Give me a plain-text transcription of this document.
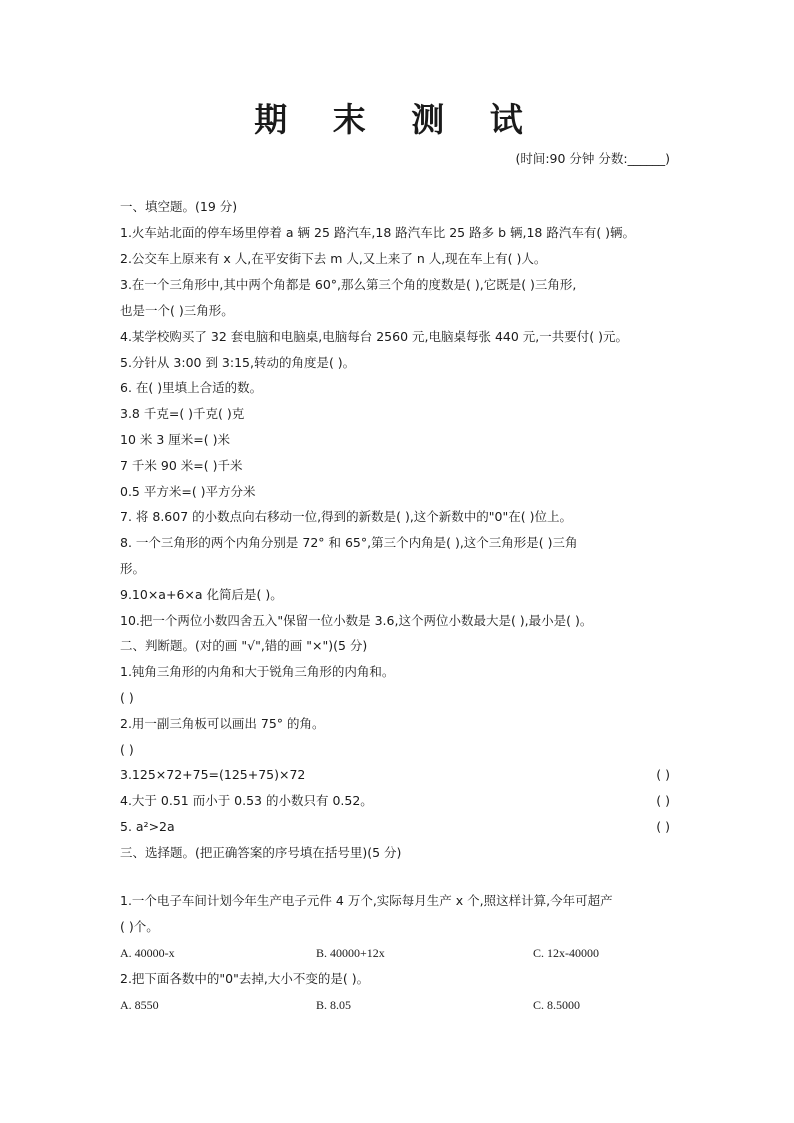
期 末 测 试
(时间:90 分钟 分数:______)
一、填空题。(19 分)
1.火车站北面的停车场里停着 a 辆 25 路汽车,18 路汽车比 25 路多 b 辆,18 路汽车有( )辆。
2.公交车上原来有 x 人,在平安街下去 m 人,又上来了 n 人,现在车上有( )人。
3.在一个三角形中,其中两个角都是 60°,那么第三个角的度数是( ),它既是( )三角形,
也是一个( )三角形。
4.某学校购买了 32 套电脑和电脑桌,电脑每台 2560 元,电脑桌每张 440 元,一共要付( )元。
5.分针从 3:00 到 3:15,转动的角度是( )。
6. 在( )里填上合适的数。
3.8 千克=( )千克( )克
10 米 3 厘米=( )米
7 千米 90 米=( )千米
0.5 平方米=( )平方分米
7. 将 8.607 的小数点向右移动一位,得到的新数是( ),这个新数中的"0"在( )位上。
8. 一个三角形的两个内角分别是 72° 和 65°,第三个内角是( ),这个三角形是( )三角
形。
9.10×a+6×a 化简后是( )。
10.把一个两位小数四舍五入"保留一位小数是 3.6,这个两位小数最大是( ),最小是( )。
二、判断题。(对的画 "√",错的画 "×")(5 分)
1.钝角三角形的内角和大于锐角三角形的内角和。
( )
2.用一副三角板可以画出 75° 的角。
( )
3.125×72+75=(125+75)×72	( )
4.大于 0.51 而小于 0.53 的小数只有 0.52。	( )
5. a²>2a	( )
三、选择题。(把正确答案的序号填在括号里)(5 分)
1.一个电子车间计划今年生产电子元件 4 万个,实际每月生产 x 个,照这样计算,今年可超产
( )个。
A. 40000-x	B. 40000+12x	C. 12x-40000
2.把下面各数中的"0"去掉,大小不变的是( )。
A. 8550	B. 8.05	C. 8.5000
